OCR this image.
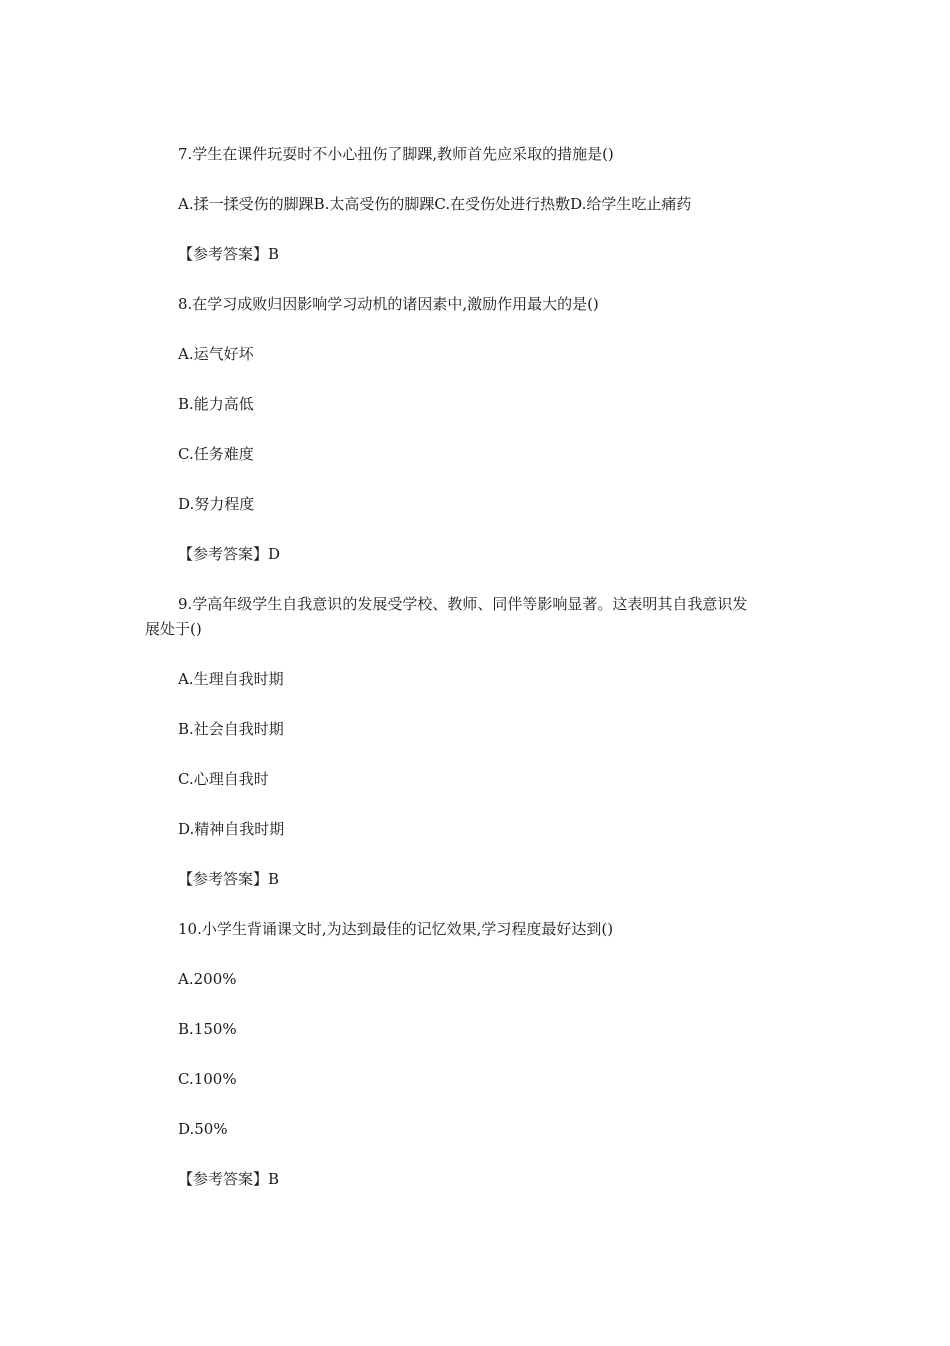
7.学生在课件玩耍时不小心扭伤了脚踝,教师首先应采取的措施是()
A.揉一揉受伤的脚踝B.太高受伤的脚踝C.在受伤处进行热敷D.给学生吃止痛药
【参考答案】B
8.在学习成败归因影响学习动机的诸因素中,激励作用最大的是()
A.运气好坏
B.能力高低
C.任务难度
D.努力程度
【参考答案】D
9.学高年级学生自我意识的发展受学校、教师、同伴等影响显著。这表明其自我意识发
展处于()
A.生理自我时期
B.社会自我时期
C.心理自我时
D.精神自我时期
【参考答案】B
10.小学生背诵课文时,为达到最佳的记忆效果,学习程度最好达到()
A.200%
B.150%
C.100%
D.50%
【参考答案】B
